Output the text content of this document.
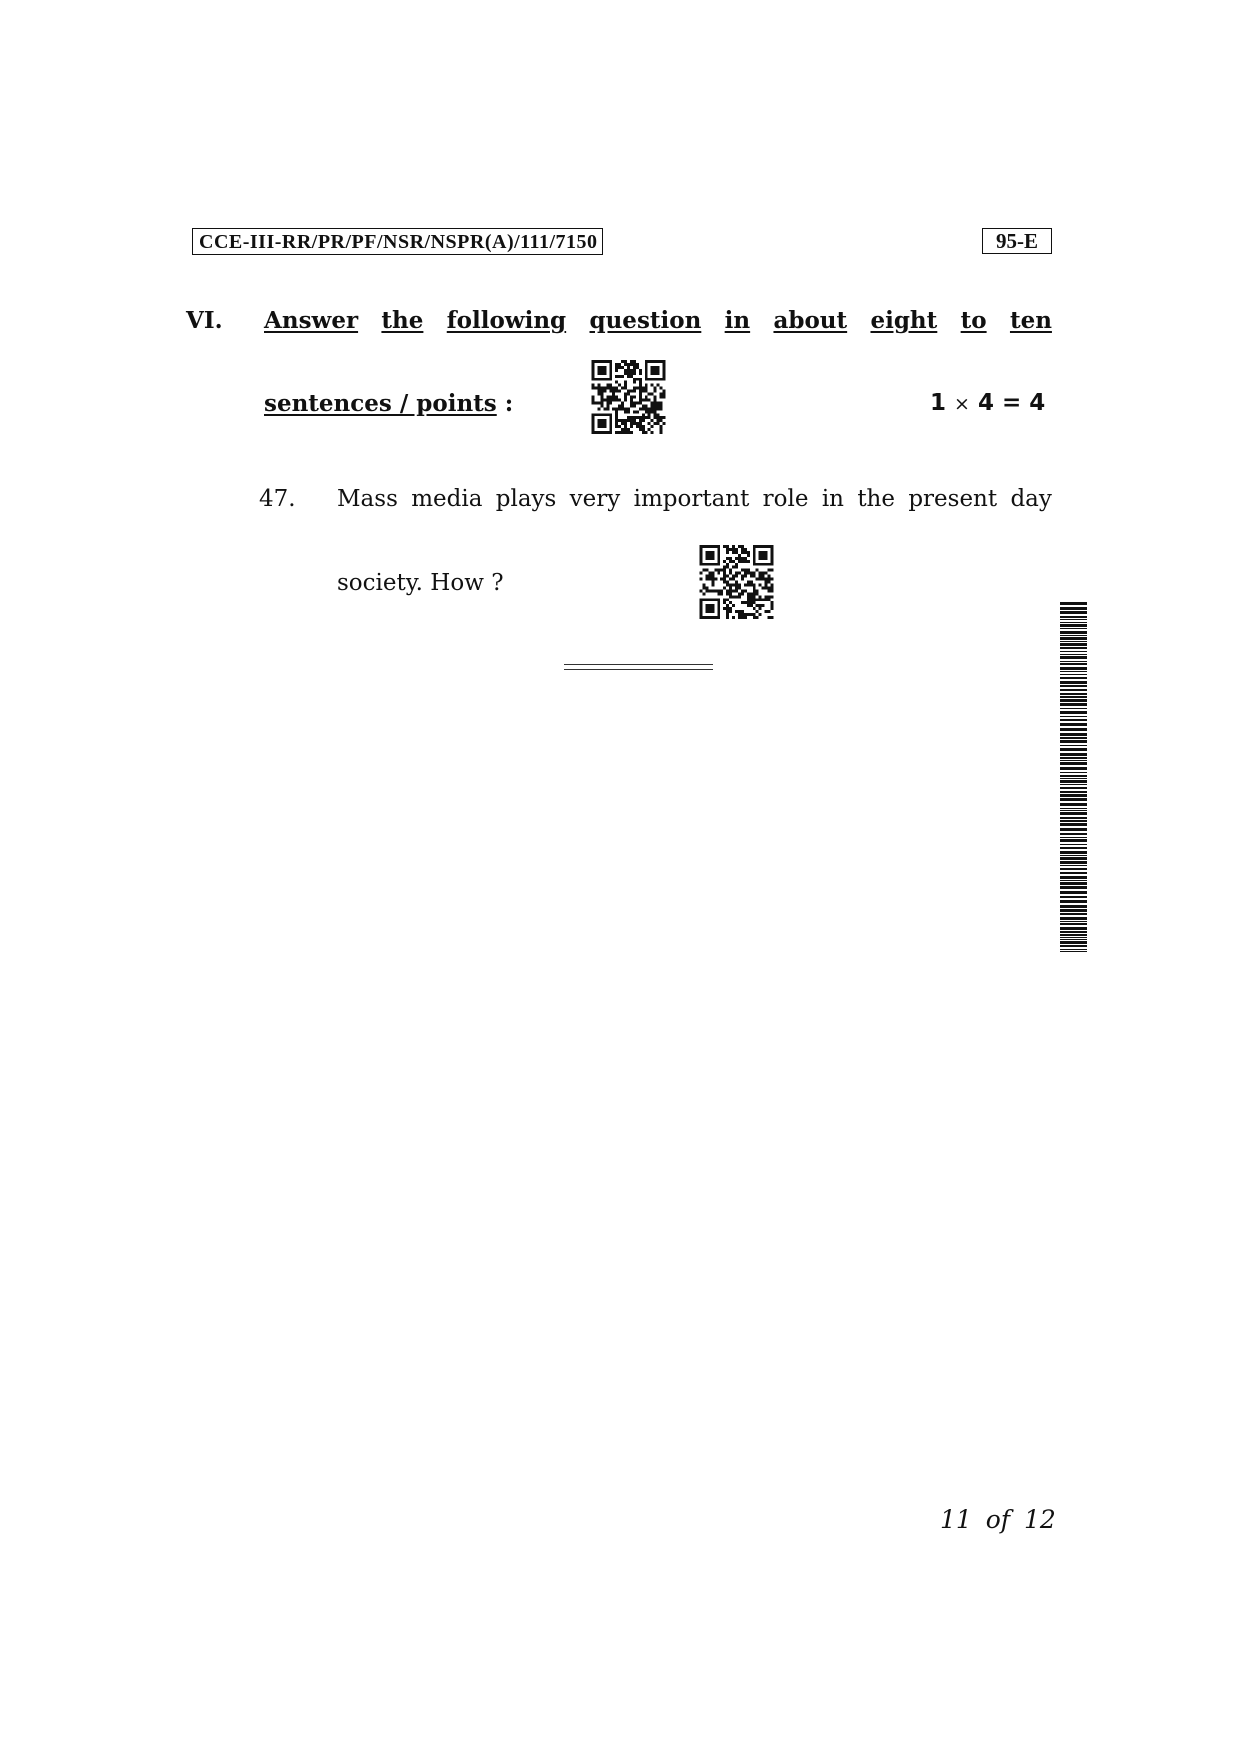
CCE-III-RR/PR/PF/NSR/NSPR(A)/111/7150	95-E
VI. Answer the following question in about eight to ten
sentences / points :	1 × 4 = 4
47. Mass media plays very important role in the present day
society. How ?
11 of 12
